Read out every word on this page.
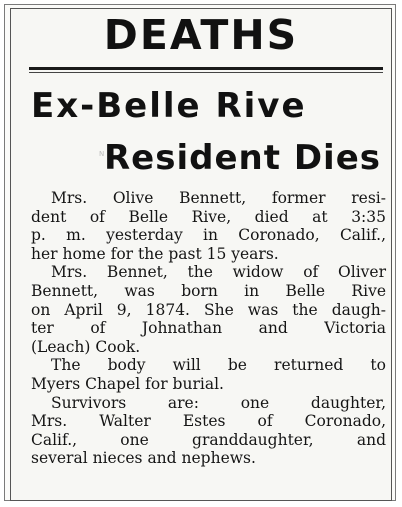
DEATHS
Ex-Belle Rive
N Resident Dies
Mrs. Olive Bennett, former resi-
dent of Belle Rive, died at 3:35
p. m. yesterday in Coronado, Calif.,
her home for the past 15 years.
Mrs. Bennet, the widow of Oliver
Bennett, was born in Belle Rive
on April 9, 1874. She was the daugh-
ter of Johnathan and Victoria
(Leach) Cook.
The body will be returned to
Myers Chapel for burial.
Survivors are: one daughter,
Mrs. Walter Estes of Coronado,
Calif., one granddaughter, and
several nieces and nephews.
